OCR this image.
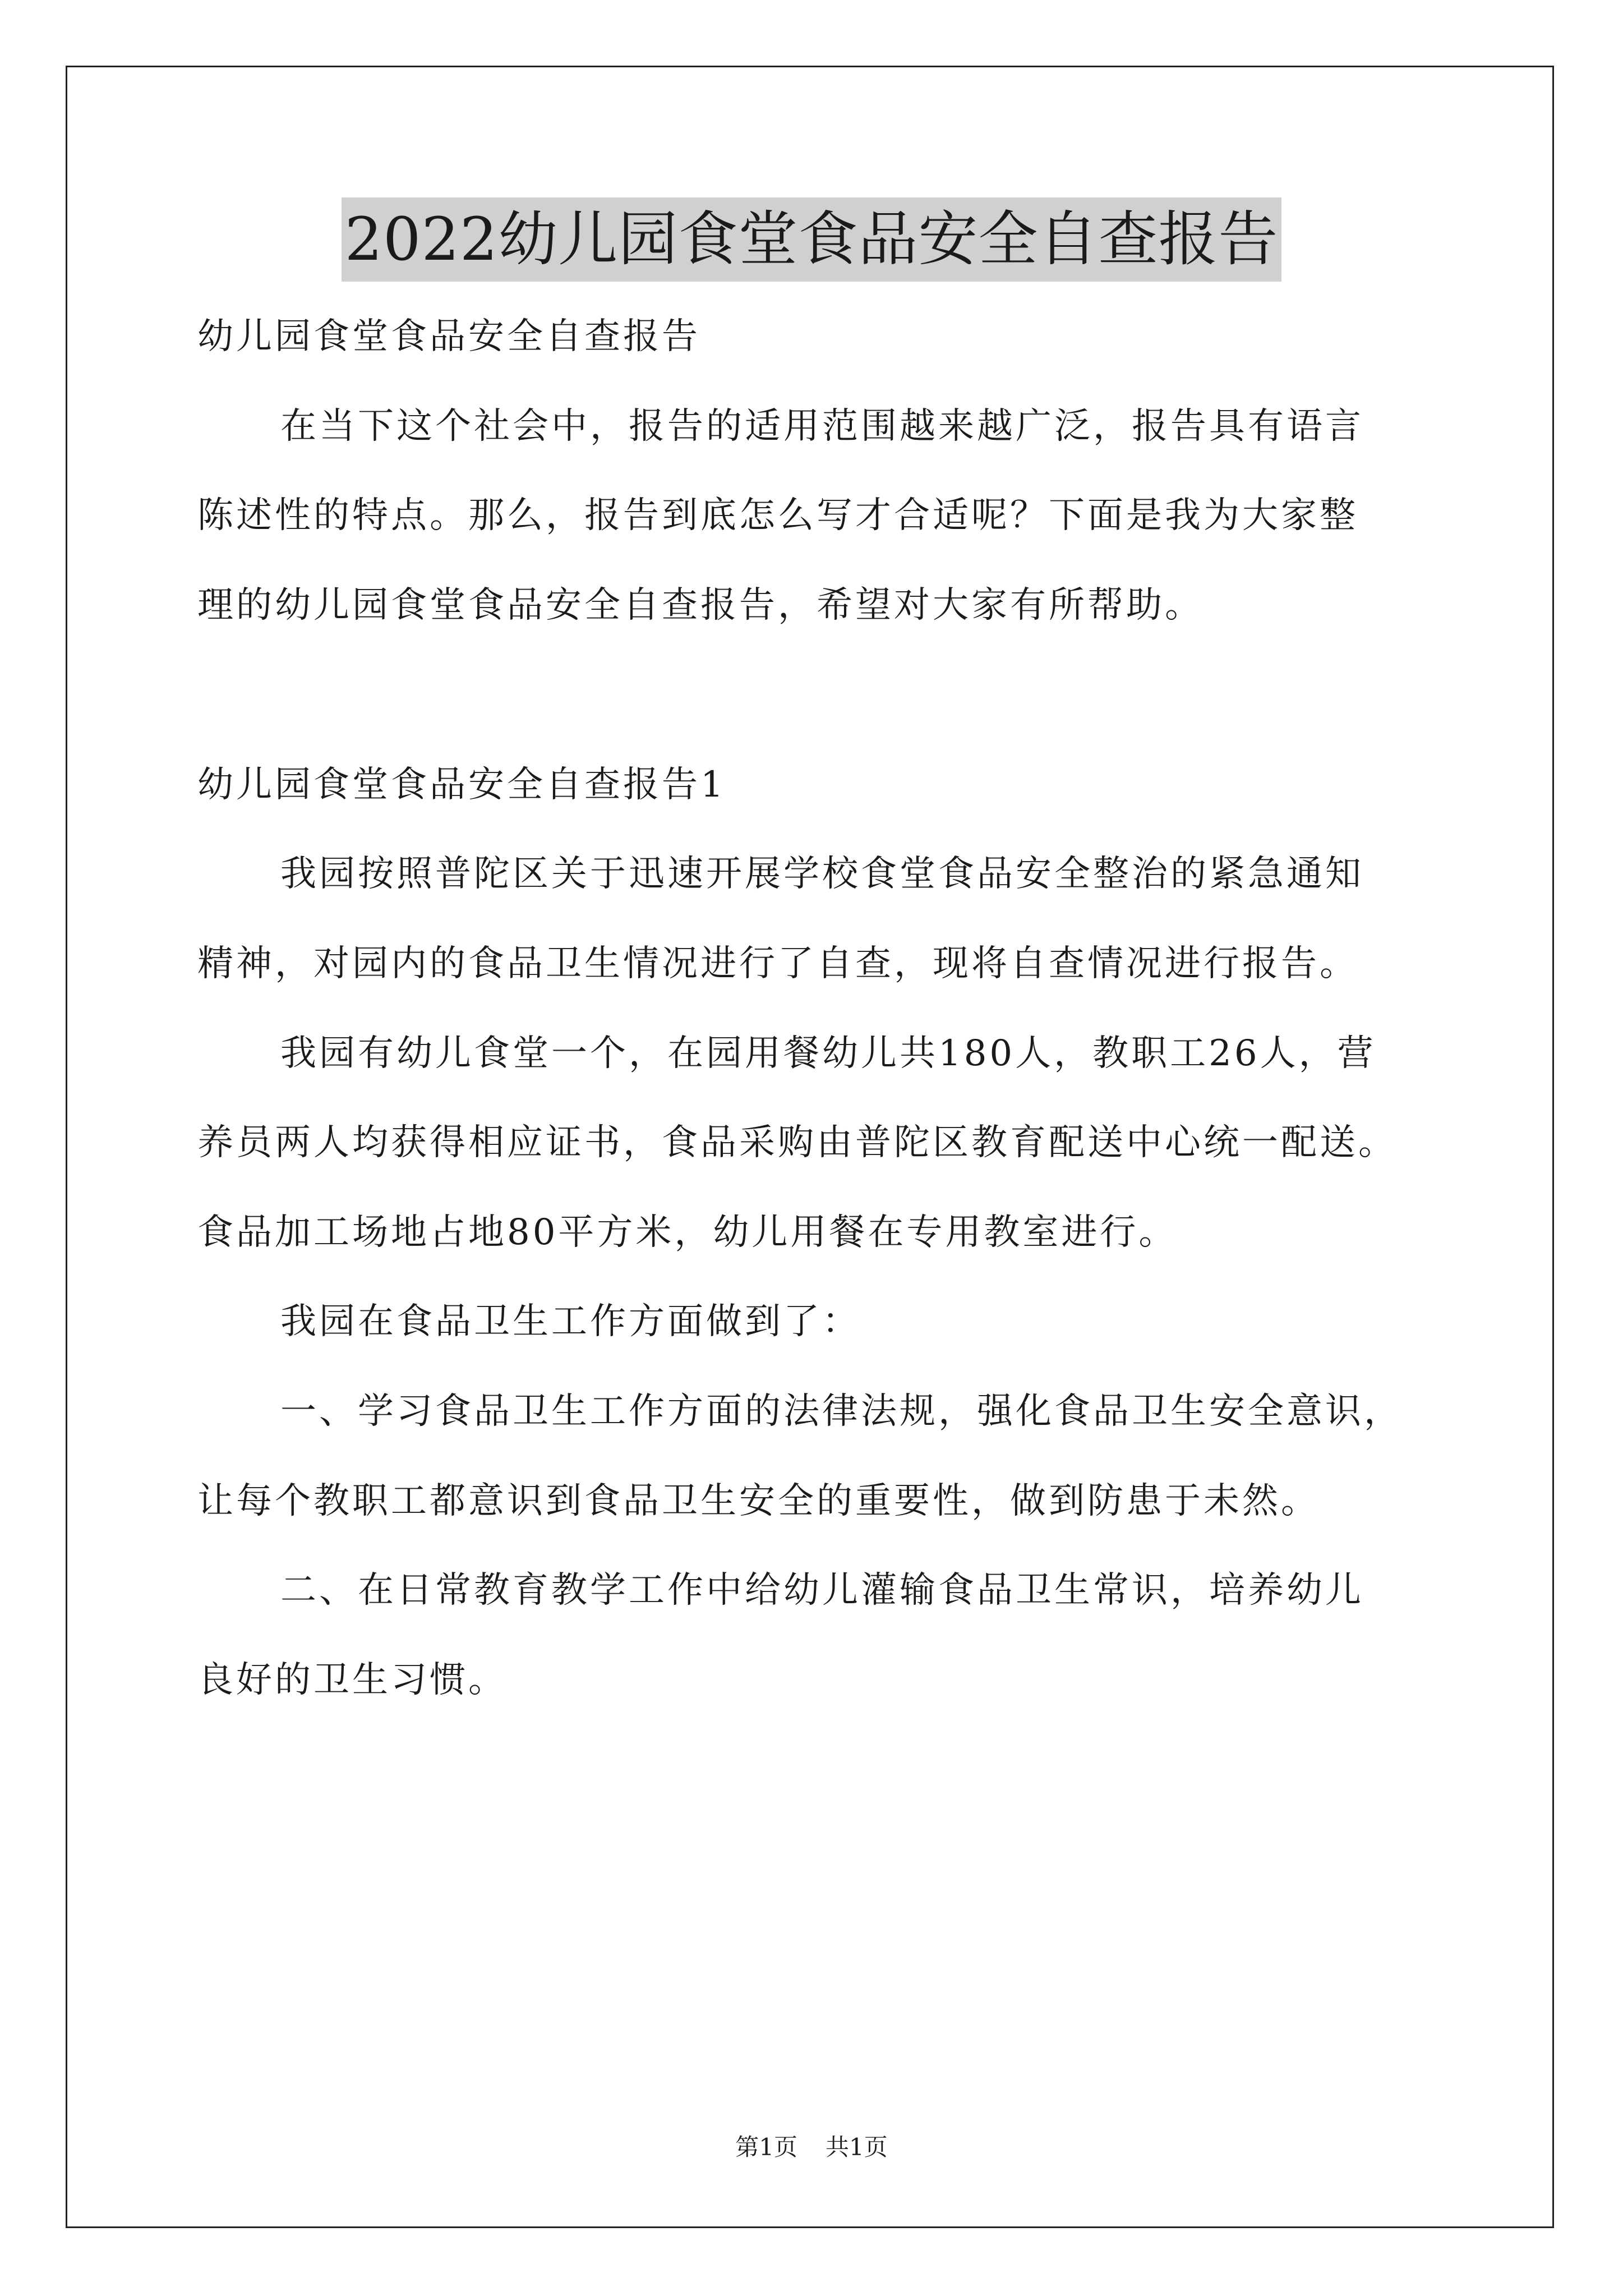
2022幼儿园食堂食品安全自查报告
幼儿园食堂食品安全自查报告
在当下这个社会中，报告的适用范围越来越广泛，报告具有语言
陈述性的特点。那么，报告到底怎么写才合适呢？下面是我为大家整
理的幼儿园食堂食品安全自查报告，希望对大家有所帮助。
幼儿园食堂食品安全自查报告1
我园按照普陀区关于迅速开展学校食堂食品安全整治的紧急通知
精神，对园内的食品卫生情况进行了自查，现将自查情况进行报告。
我园有幼儿食堂一个，在园用餐幼儿共180人，教职工26人，营
养员两人均获得相应证书，食品采购由普陀区教育配送中心统一配送。
食品加工场地占地80平方米，幼儿用餐在专用教室进行。
我园在食品卫生工作方面做到了：
一、学习食品卫生工作方面的法律法规，强化食品卫生安全意识，
让每个教职工都意识到食品卫生安全的重要性，做到防患于未然。
二、在日常教育教学工作中给幼儿灌输食品卫生常识，培养幼儿
良好的卫生习惯。
第1页 共1页
